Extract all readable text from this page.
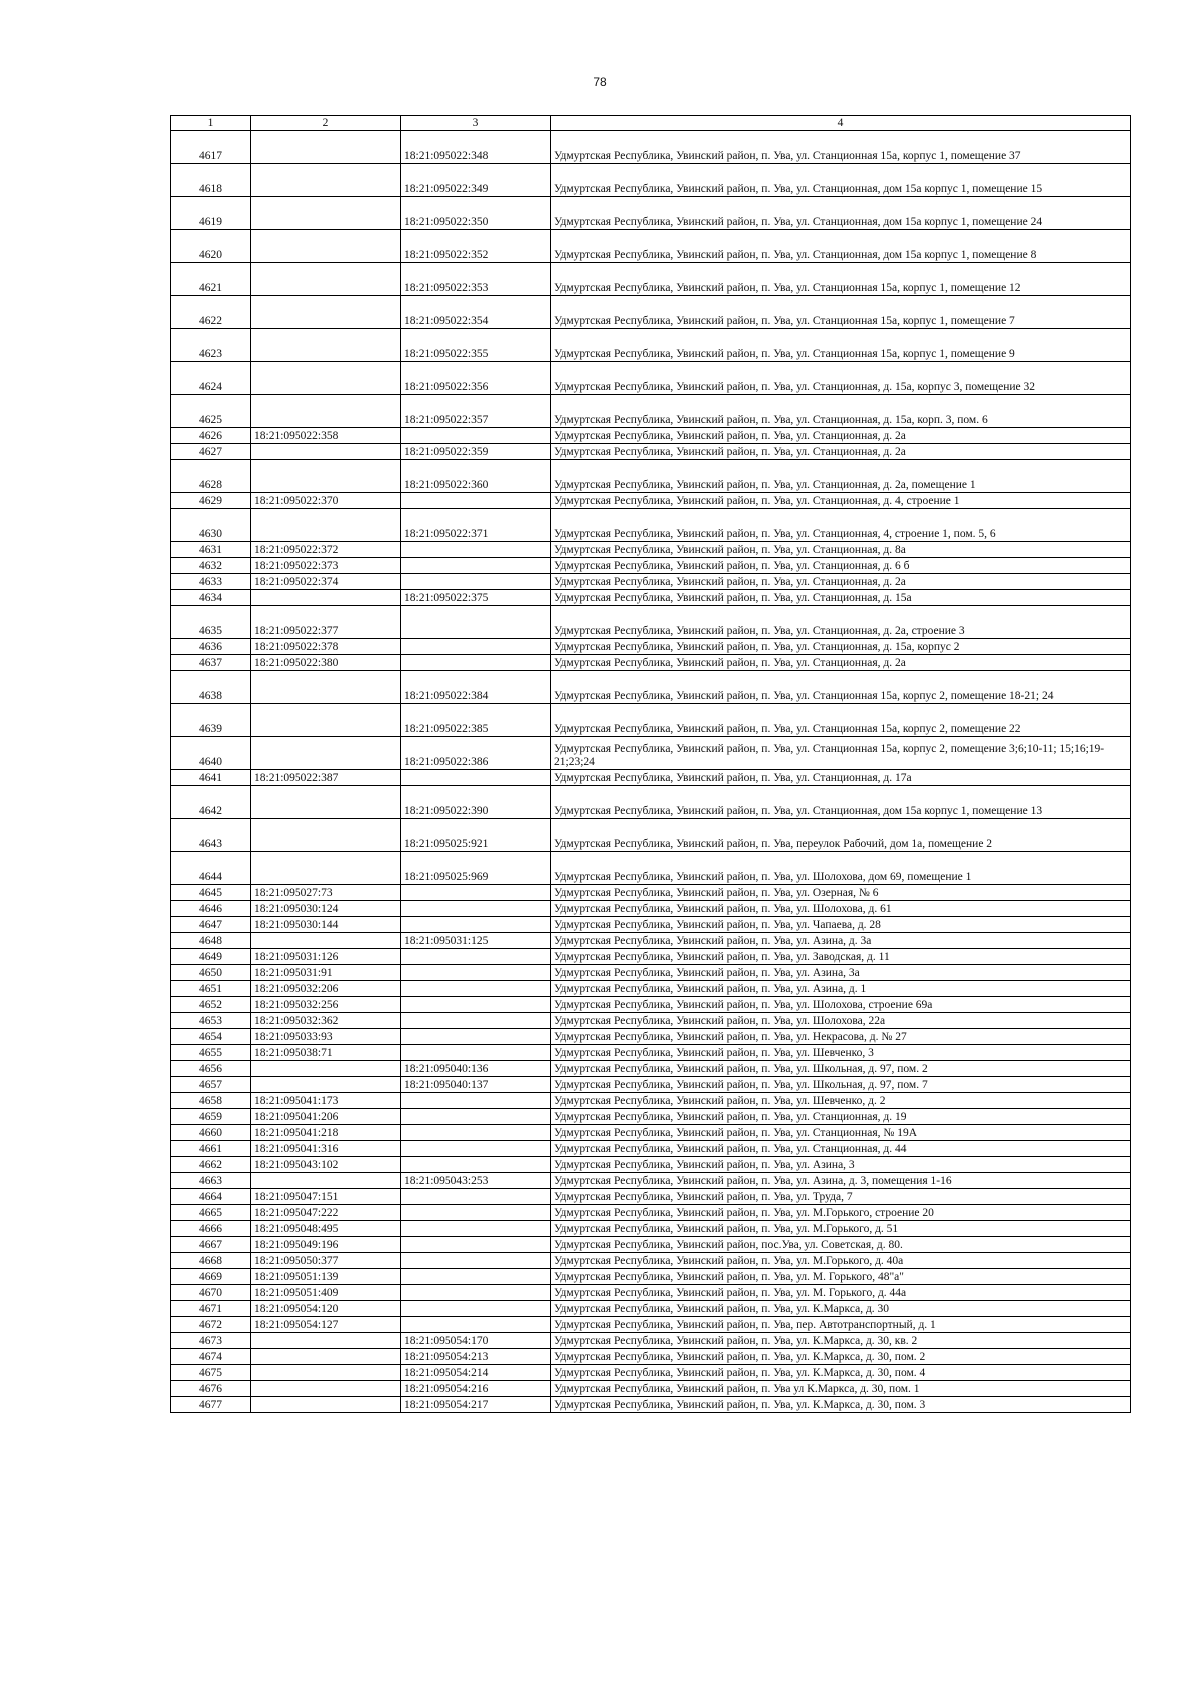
78
1	2	3	4
4617		18:21:095022:348	Удмуртская Республика, Увинский район, п. Ува, ул. Станционная 15а, корпус 1, помещение 37
4618		18:21:095022:349	Удмуртская Республика, Увинский район, п. Ува, ул. Станционная, дом 15а корпус 1, помещение 15
4619		18:21:095022:350	Удмуртская Республика, Увинский район, п. Ува, ул. Станционная, дом 15а корпус 1, помещение 24
4620		18:21:095022:352	Удмуртская Республика, Увинский район, п. Ува, ул. Станционная, дом 15а корпус 1, помещение 8
4621		18:21:095022:353	Удмуртская Республика, Увинский район, п. Ува, ул. Станционная 15а, корпус 1, помещение 12
4622		18:21:095022:354	Удмуртская Республика, Увинский район, п. Ува, ул. Станционная 15а, корпус 1, помещение 7
4623		18:21:095022:355	Удмуртская Республика, Увинский район, п. Ува, ул. Станционная 15а, корпус 1, помещение 9
4624		18:21:095022:356	Удмуртская Республика, Увинский район, п. Ува, ул. Станционная, д. 15а, корпус 3, помещение 32
4625		18:21:095022:357	Удмуртская Республика, Увинский район, п. Ува, ул. Станционная, д. 15а, корп. 3, пом. 6
4626	18:21:095022:358		Удмуртская Республика, Увинский район, п. Ува, ул. Станционная, д. 2а
4627		18:21:095022:359	Удмуртская Республика, Увинский район, п. Ува, ул. Станционная, д. 2а
4628		18:21:095022:360	Удмуртская Республика, Увинский район, п. Ува, ул. Станционная, д. 2а, помещение 1
4629	18:21:095022:370		Удмуртская Республика, Увинский район, п. Ува, ул. Станционная, д. 4, строение 1
4630		18:21:095022:371	Удмуртская Республика, Увинский район, п. Ува, ул. Станционная, 4, строение 1, пом. 5, 6
4631	18:21:095022:372		Удмуртская Республика, Увинский район, п. Ува, ул. Станционная, д. 8а
4632	18:21:095022:373		Удмуртская Республика, Увинский район, п. Ува, ул. Станционная, д. 6 б
4633	18:21:095022:374		Удмуртская Республика, Увинский район, п. Ува, ул. Станционная, д. 2а
4634		18:21:095022:375	Удмуртская Республика, Увинский район, п. Ува, ул. Станционная, д. 15а
4635	18:21:095022:377		Удмуртская Республика, Увинский район, п. Ува, ул. Станционная, д. 2а, строение 3
4636	18:21:095022:378		Удмуртская Республика, Увинский район, п. Ува, ул. Станционная, д. 15а, корпус 2
4637	18:21:095022:380		Удмуртская Республика, Увинский район, п. Ува, ул. Станционная, д. 2а
4638		18:21:095022:384	Удмуртская Республика, Увинский район, п. Ува, ул. Станционная 15а, корпус 2, помещение 18-21; 24
4639		18:21:095022:385	Удмуртская Республика, Увинский район, п. Ува, ул. Станционная 15а, корпус 2, помещение 22
4640		18:21:095022:386	Удмуртская Республика, Увинский район, п. Ува, ул. Станционная 15а, корпус 2, помещение 3;6;10-11; 15;16;19-21;23;24
4641	18:21:095022:387		Удмуртская Республика, Увинский район, п. Ува, ул. Станционная, д. 17а
4642		18:21:095022:390	Удмуртская Республика, Увинский район, п. Ува, ул. Станционная, дом 15а корпус 1, помещение 13
4643		18:21:095025:921	Удмуртская Республика, Увинский район, п. Ува, переулок Рабочий, дом 1а, помещение 2
4644		18:21:095025:969	Удмуртская Республика, Увинский район, п. Ува, ул. Шолохова, дом 69, помещение 1
4645	18:21:095027:73		Удмуртская Республика, Увинский район, п. Ува, ул. Озерная, № 6
4646	18:21:095030:124		Удмуртская Республика, Увинский район, п. Ува, ул. Шолохова, д. 61
4647	18:21:095030:144		Удмуртская Республика, Увинский район, п. Ува, ул. Чапаева, д. 28
4648		18:21:095031:125	Удмуртская Республика, Увинский район, п. Ува, ул. Азина, д. 3а
4649	18:21:095031:126		Удмуртская Республика, Увинский район, п. Ува, ул. Заводская, д. 11
4650	18:21:095031:91		Удмуртская Республика, Увинский район, п. Ува, ул. Азина, 3а
4651	18:21:095032:206		Удмуртская Республика, Увинский район, п. Ува, ул. Азина, д. 1
4652	18:21:095032:256		Удмуртская Республика, Увинский район, п. Ува, ул. Шолохова, строение 69а
4653	18:21:095032:362		Удмуртская Республика, Увинский район, п. Ува, ул. Шолохова, 22а
4654	18:21:095033:93		Удмуртская Республика, Увинский район, п. Ува, ул. Некрасова, д. № 27
4655	18:21:095038:71		Удмуртская Республика, Увинский район, п. Ува, ул. Шевченко, 3
4656		18:21:095040:136	Удмуртская Республика, Увинский район, п. Ува, ул. Школьная, д. 97, пом. 2
4657		18:21:095040:137	Удмуртская Республика, Увинский район, п. Ува, ул. Школьная, д. 97, пом. 7
4658	18:21:095041:173		Удмуртская Республика, Увинский район, п. Ува, ул. Шевченко, д. 2
4659	18:21:095041:206		Удмуртская Республика, Увинский район, п. Ува, ул. Станционная, д. 19
4660	18:21:095041:218		Удмуртская Республика, Увинский район, п. Ува, ул. Станционная, № 19А
4661	18:21:095041:316		Удмуртская Республика, Увинский район, п. Ува, ул. Станционная, д. 44
4662	18:21:095043:102		Удмуртская Республика, Увинский район, п. Ува, ул. Азина, 3
4663		18:21:095043:253	Удмуртская Республика, Увинский район, п. Ува, ул. Азина, д. 3, помещения 1-16
4664	18:21:095047:151		Удмуртская Республика, Увинский район, п. Ува, ул. Труда, 7
4665	18:21:095047:222		Удмуртская Республика, Увинский район, п. Ува, ул. М.Горького, строение 20
4666	18:21:095048:495		Удмуртская Республика, Увинский район, п. Ува, ул. М.Горького, д. 51
4667	18:21:095049:196		Удмуртская Республика, Увинский район, пос.Ува, ул. Советская, д. 80.
4668	18:21:095050:377		Удмуртская Республика, Увинский район, п. Ува, ул. М.Горького, д. 40а
4669	18:21:095051:139		Удмуртская Республика, Увинский район, п. Ува, ул. М. Горького, 48"а"
4670	18:21:095051:409		Удмуртская Республика, Увинский район, п. Ува, ул. М. Горького, д. 44а
4671	18:21:095054:120		Удмуртская Республика, Увинский район, п. Ува, ул. К.Маркса, д. 30
4672	18:21:095054:127		Удмуртская Республика, Увинский район, п. Ува, пер. Автотранспортный, д. 1
4673		18:21:095054:170	Удмуртская Республика, Увинский район, п. Ува, ул. К.Маркса, д. 30, кв. 2
4674		18:21:095054:213	Удмуртская Республика, Увинский район, п. Ува, ул. К.Маркса, д. 30, пом. 2
4675		18:21:095054:214	Удмуртская Республика, Увинский район, п. Ува, ул. К.Маркса, д. 30, пом. 4
4676		18:21:095054:216	Удмуртская Республика, Увинский район, п. Ува ул К.Маркса, д. 30, пом. 1
4677		18:21:095054:217	Удмуртская Республика, Увинский район, п. Ува, ул. К.Маркса, д. 30, пом. 3
